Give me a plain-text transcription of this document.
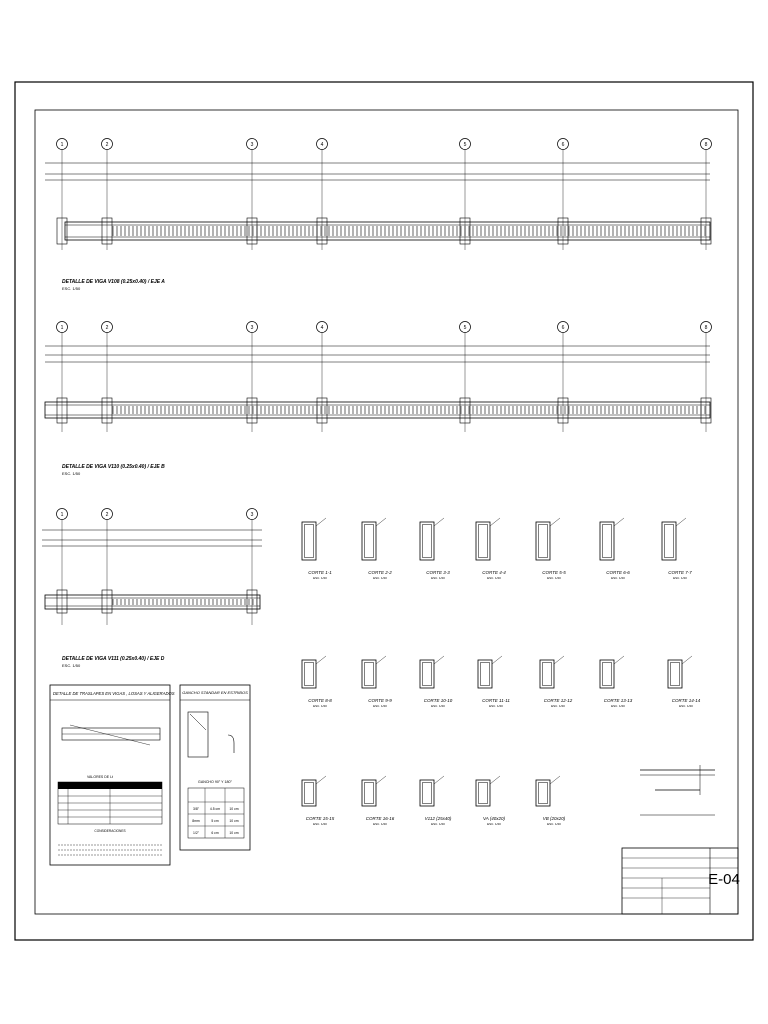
DETALLE DE VIGA V108 (0.25x0.40) / EJE A
ESC. 1/50
DETALLE DE VIGA V110 (0.25x0.40) / EJE B
ESC. 1/50
DETALLE DE VIGA V111 (0.25x0.40) / EJE D
ESC. 1/50
1	2	3	4	5	6	8
1	2	3	4	5	6	8
1	2	3
CORTE 1-1
ESC. 1/20
CORTE 2-2
ESC. 1/20
CORTE 3-3
ESC. 1/20
CORTE 4-4
ESC. 1/20
CORTE 5-5
ESC. 1/20
CORTE 6-6
ESC. 1/20
CORTE 7-7
ESC. 1/20
CORTE 8-8
ESC. 1/20
CORTE 9-9
ESC. 1/20
CORTE 10-10
ESC. 1/20
CORTE 11-11
ESC. 1/20
CORTE 12-12
ESC. 1/20
CORTE 13-13
ESC. 1/20
CORTE 14-14
ESC. 1/20
CORTE 15-15
ESC. 1/20
CORTE 16-16
ESC. 1/20
V112 (25x40)
ESC. 1/20
VA (40x20)
ESC. 1/20
VB (20x20)
ESC. 1/20
DETALLE DE TRASLAPES EN VIGAS , LOSAS Y ALIGERADOS
VALORES DE Lt
CONSIDERACIONES
GANCHO STANDAR EN ESTRIBOS
GANCHO 90° Y 180°
3/8"	4.5 cm	10 cm
8mm	5 cm	10 cm
1/2"	6 cm	10 cm
E-04
